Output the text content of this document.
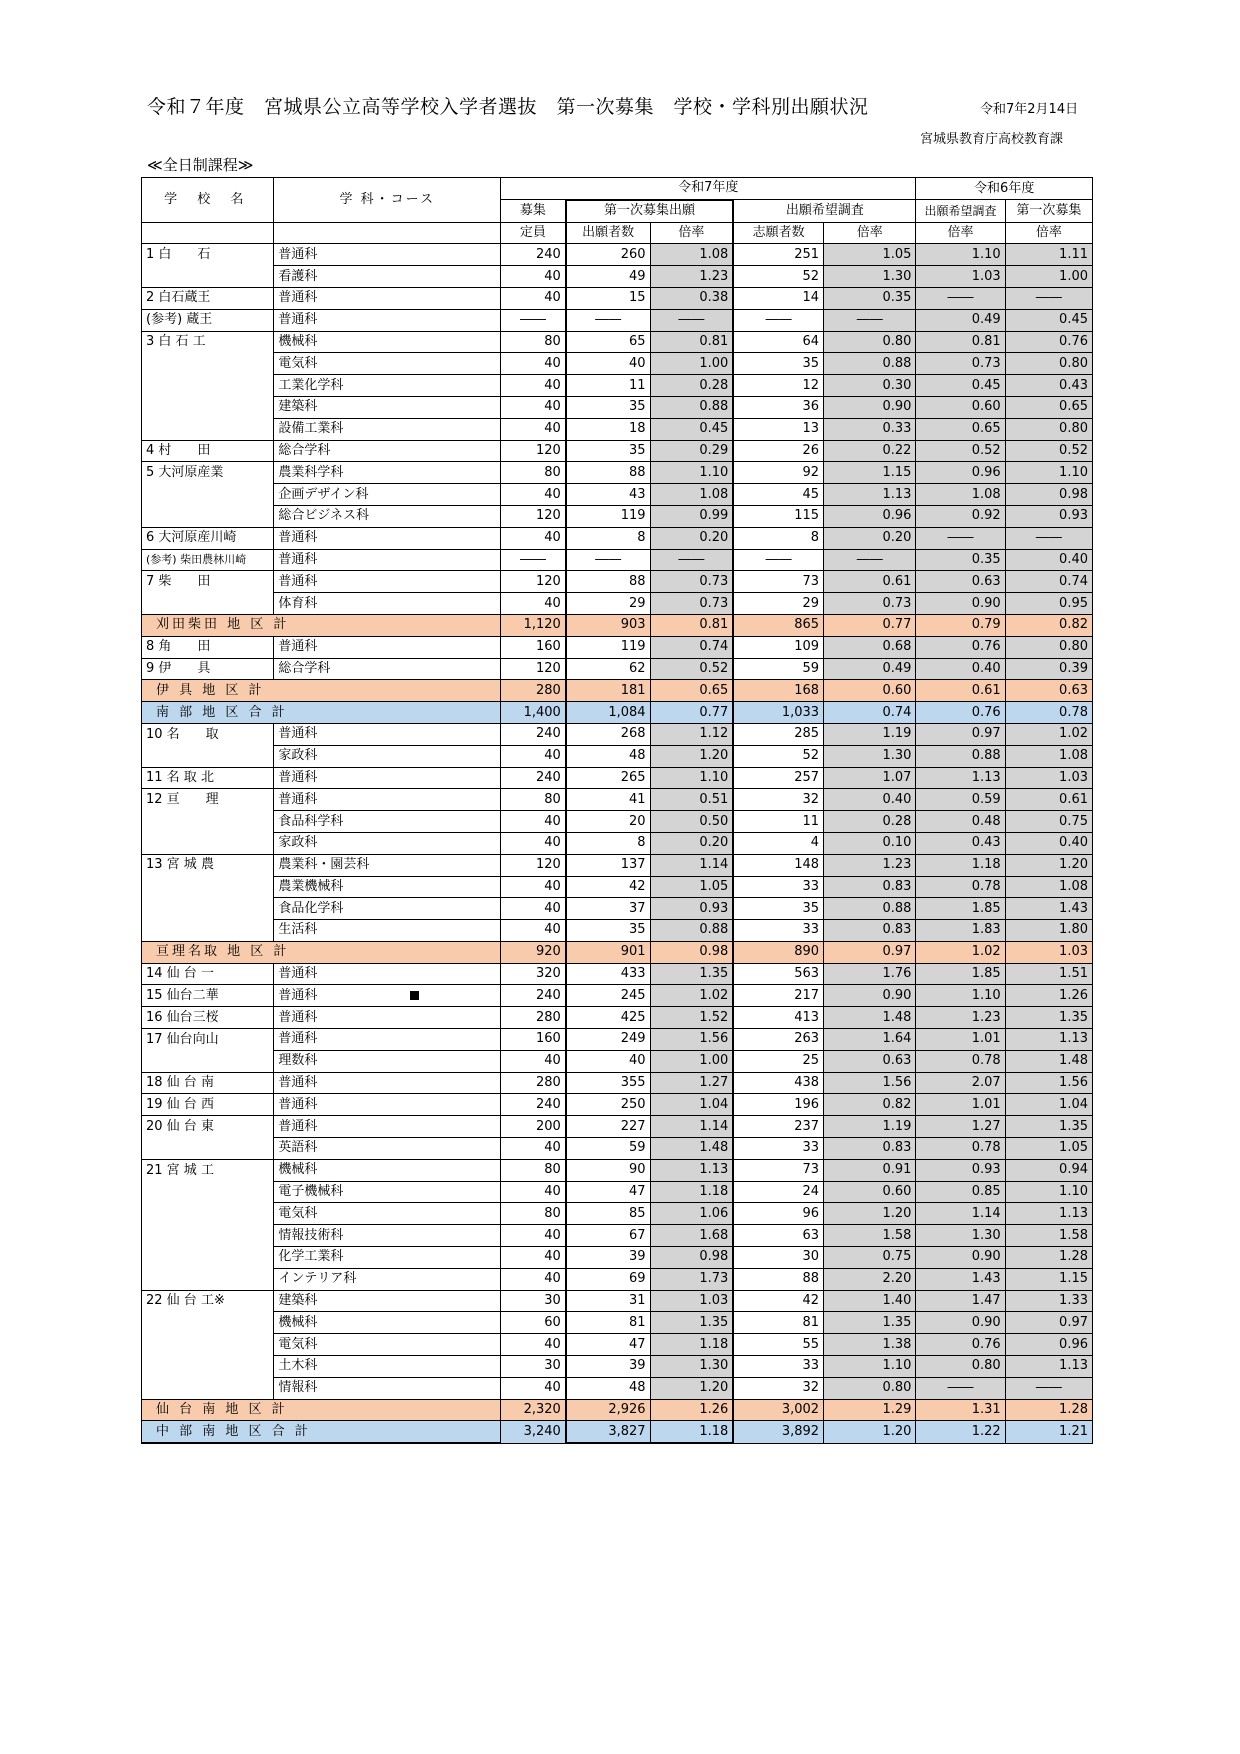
令和７年度　宮城県公立高等学校入学者選抜　第一次募集　学校・学科別出願状況	令和7年2月14日
宮城県教育庁高校教育課
≪全日制課程≫
学 校 名	学 科・コース	令和7年度					令和6年度	
		募集	第一次募集出願		出願希望調査		出願希望調査	第一次募集
		定員	出願者数	倍率	志願者数	倍率	倍率	倍率
1 白　　石	普通科	240	260	1.08	251	1.05	1.10	1.11
	看護科	40	49	1.23	52	1.30	1.03	1.00
2 白石蔵王	普通科	40	15	0.38	14	0.35	――	――
(参考) 蔵王	普通科	――	――	――	――	――	0.49	0.45
3 白 石 工	機械科	80	65	0.81	64	0.80	0.81	0.76
	電気科	40	40	1.00	35	0.88	0.73	0.80
	工業化学科	40	11	0.28	12	0.30	0.45	0.43
	建築科	40	35	0.88	36	0.90	0.60	0.65
	設備工業科	40	18	0.45	13	0.33	0.65	0.80
4 村　　田	総合学科	120	35	0.29	26	0.22	0.52	0.52
5 大河原産業	農業科学科	80	88	1.10	92	1.15	0.96	1.10
	企画デザイン科	40	43	1.08	45	1.13	1.08	0.98
	総合ビジネス科	120	119	0.99	115	0.96	0.92	0.93
6 大河原産川崎	普通科	40	8	0.20	8	0.20	――	――
(参考) 柴田農林川崎	普通科	――	――	――	――	――	0.35	0.40
7 柴　　田	普通科	120	88	0.73	73	0.61	0.63	0.74
	体育科	40	29	0.73	29	0.73	0.90	0.95
刈田柴田 地 区 計		1,120	903	0.81	865	0.77	0.79	0.82
8 角　　田	普通科	160	119	0.74	109	0.68	0.76	0.80
9 伊　　具	総合学科	120	62	0.52	59	0.49	0.40	0.39
伊 具 地 区 計		280	181	0.65	168	0.60	0.61	0.63
南 部 地 区 合 計		1,400	1,084	0.77	1,033	0.74	0.76	0.78
10 名　　取	普通科	240	268	1.12	285	1.19	0.97	1.02
	家政科	40	48	1.20	52	1.30	0.88	1.08
11 名 取 北	普通科	240	265	1.10	257	1.07	1.13	1.03
12 亘　　理	普通科	80	41	0.51	32	0.40	0.59	0.61
	食品科学科	40	20	0.50	11	0.28	0.48	0.75
	家政科	40	8	0.20	4	0.10	0.43	0.40
13 宮 城 農	農業科・園芸科	120	137	1.14	148	1.23	1.18	1.20
	農業機械科	40	42	1.05	33	0.83	0.78	1.08
	食品化学科	40	37	0.93	35	0.88	1.85	1.43
	生活科	40	35	0.88	33	0.83	1.83	1.80
亘理名取 地 区 計		920	901	0.98	890	0.97	1.02	1.03
14 仙 台 一	普通科	320	433	1.35	563	1.76	1.85	1.51
15 仙台二華	普通科	240	245	1.02	217	0.90	1.10	1.26
16 仙台三桜	普通科	280	425	1.52	413	1.48	1.23	1.35
17 仙台向山	普通科	160	249	1.56	263	1.64	1.01	1.13
	理数科	40	40	1.00	25	0.63	0.78	1.48
18 仙 台 南	普通科	280	355	1.27	438	1.56	2.07	1.56
19 仙 台 西	普通科	240	250	1.04	196	0.82	1.01	1.04
20 仙 台 東	普通科	200	227	1.14	237	1.19	1.27	1.35
	英語科	40	59	1.48	33	0.83	0.78	1.05
21 宮 城 工	機械科	80	90	1.13	73	0.91	0.93	0.94
	電子機械科	40	47	1.18	24	0.60	0.85	1.10
	電気科	80	85	1.06	96	1.20	1.14	1.13
	情報技術科	40	67	1.68	63	1.58	1.30	1.58
	化学工業科	40	39	0.98	30	0.75	0.90	1.28
	インテリア科	40	69	1.73	88	2.20	1.43	1.15
22 仙 台 工※	建築科	30	31	1.03	42	1.40	1.47	1.33
	機械科	60	81	1.35	81	1.35	0.90	0.97
	電気科	40	47	1.18	55	1.38	0.76	0.96
	土木科	30	39	1.30	33	1.10	0.80	1.13
	情報科	40	48	1.20	32	0.80	――	――
仙 台 南 地 区 計		2,320	2,926	1.26	3,002	1.29	1.31	1.28
中 部 南 地 区 合 計		3,240	3,827	1.18	3,892	1.20	1.22	1.21
